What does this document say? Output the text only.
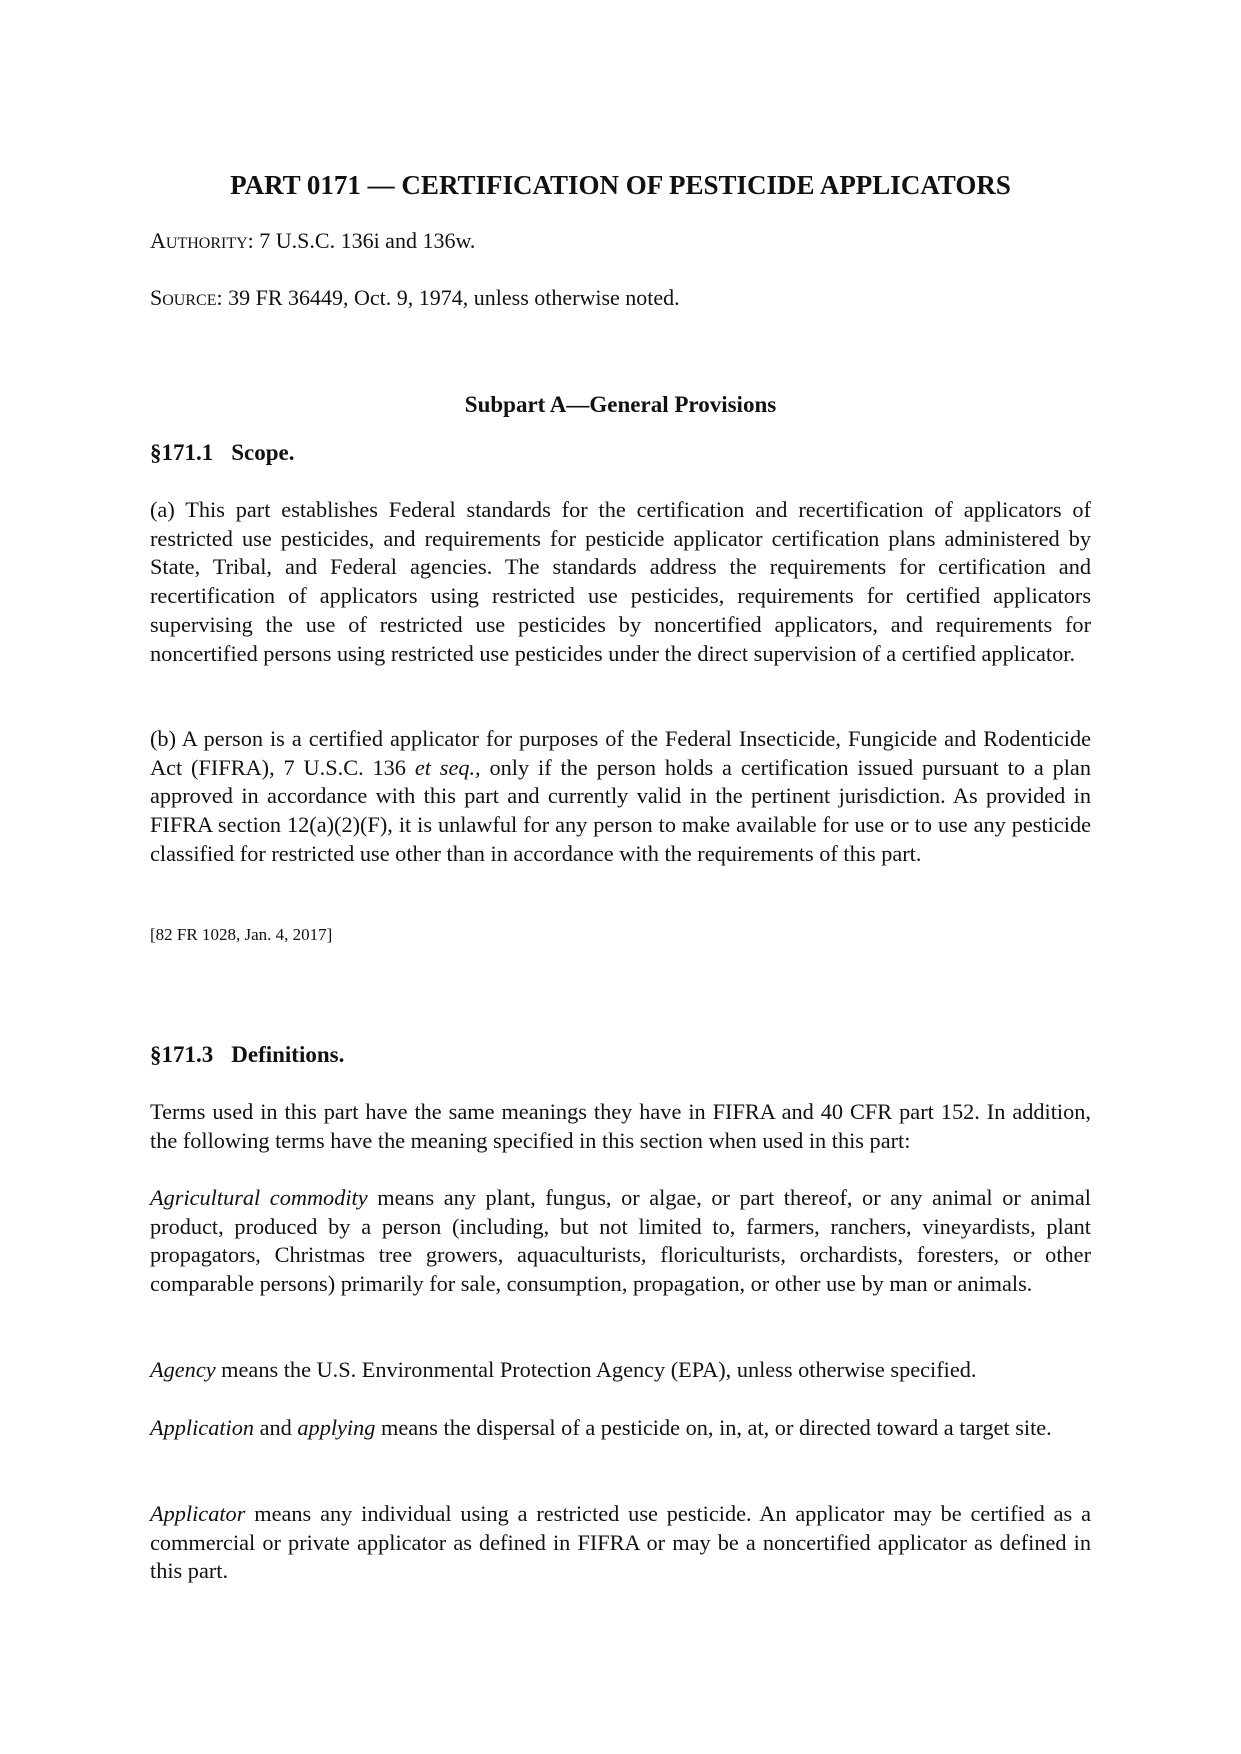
PART 0171 — CERTIFICATION OF PESTICIDE APPLICATORS

AUTHORITY: 7 U.S.C. 136i and 136w.

SOURCE: 39 FR 36449, Oct. 9, 1974, unless otherwise noted.

Subpart A—General Provisions
§171.1 Scope.

(a) This part establishes Federal standards for the certification and recertification of applicators of restricted use pesticides, and requirements for pesticide applicator certification plans administered by State, Tribal, and Federal agencies. The standards address the requirements for certification and recertification of applicators using restricted use pesticides, requirements for certified applicators supervising the use of restricted use pesticides by noncertified applicators, and requirements for noncertified persons using restricted use pesticides under the direct supervision of a certified applicator.

(b) A person is a certified applicator for purposes of the Federal Insecticide, Fungicide and Rodenticide Act (FIFRA), 7 U.S.C. 136 et seq., only if the person holds a certification issued pursuant to a plan approved in accordance with this part and currently valid in the pertinent jurisdiction. As provided in FIFRA section 12(a)(2)(F), it is unlawful for any person to make available for use or to use any pesticide classified for restricted use other than in accordance with the requirements of this part.

[82 FR 1028, Jan. 4, 2017]

§171.3 Definitions.

Terms used in this part have the same meanings they have in FIFRA and 40 CFR part 152. In addition, the following terms have the meaning specified in this section when used in this part:

Agricultural commodity means any plant, fungus, or algae, or part thereof, or any animal or animal product, produced by a person (including, but not limited to, farmers, ranchers, vineyardists, plant propagators, Christmas tree growers, aquaculturists, floriculturists, orchardists, foresters, or other comparable persons) primarily for sale, consumption, propagation, or other use by man or animals.

Agency means the U.S. Environmental Protection Agency (EPA), unless otherwise specified.

Application and applying means the dispersal of a pesticide on, in, at, or directed toward a target site.

Applicator means any individual using a restricted use pesticide. An applicator may be certified as a commercial or private applicator as defined in FIFRA or may be a noncertified applicator as defined in this part.
